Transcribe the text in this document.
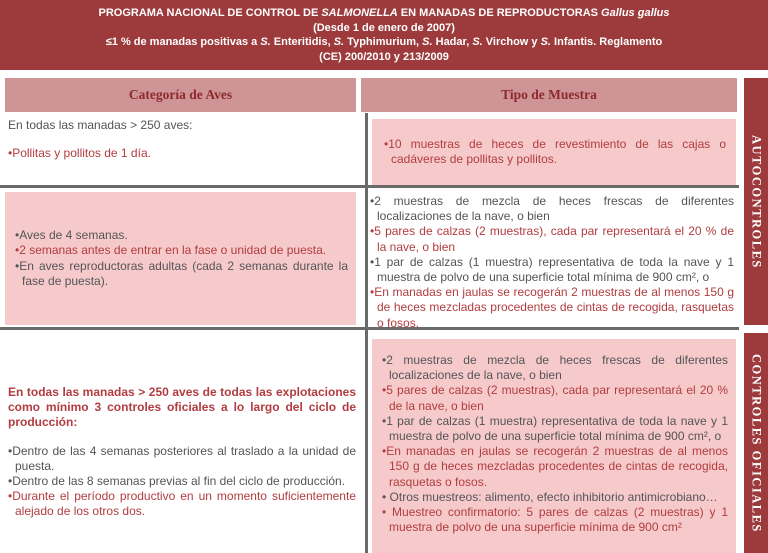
PROGRAMA NACIONAL DE CONTROL DE SALMONELLA EN MANADAS DE REPRODUCTORAS Gallus gallus
(Desde 1 de enero de 2007)
≤1 % de manadas positivas a S. Enteritidis, S. Typhimurium, S. Hadar, S. Virchow y S. Infantis. Reglamento
(CE) 200/2010 y 213/2009
Categoría de Aves	Tipo de Muestra
AUTOCONTROLES
CONTROLES OFICIALES
En todas las manadas > 250 aves:
•Pollitas y pollitos de 1 día.
•10 muestras de heces de revestimiento de las cajas o cadáveres de pollitas y pollitos.
•Aves de 4 semanas.
•2 semanas antes de entrar en la fase o unidad de puesta.
•En aves reproductoras adultas (cada 2 semanas durante la fase de puesta).
•2 muestras de mezcla de heces frescas de diferentes localizaciones de la nave, o bien
•5 pares de calzas (2 muestras), cada par representará el 20 % de la nave, o bien
•1 par de calzas (1 muestra) representativa de toda la nave y 1 muestra de polvo de una superficie total mínima de 900 cm², o
•En manadas en jaulas se recogerán 2 muestras de al menos 150 g de heces mezcladas procedentes de cintas de recogida, rasquetas o fosos.
En todas las manadas > 250 aves de todas las explotaciones como mínimo 3 controles oficiales a lo largo del ciclo de producción:
•Dentro de las 4 semanas posteriores al traslado a la unidad de puesta.
•Dentro de las 8 semanas previas al fin del ciclo de producción.
•Durante el período productivo en un momento suficientemente alejado de los otros dos.
•2 muestras de mezcla de heces frescas de diferentes localizaciones de la nave, o bien
•5 pares de calzas (2 muestras), cada par representará el 20 % de la nave, o bien
•1 par de calzas (1 muestra) representativa de toda la nave y 1 muestra de polvo de una superficie total mínima de 900 cm², o
•En manadas en jaulas se recogerán 2 muestras de al menos 150 g de heces mezcladas procedentes de cintas de recogida, rasquetas o fosos.
• Otros muestreos: alimento, efecto inhibitorio antimicrobiano…
• Muestreo confirmatorio: 5 pares de calzas (2 muestras) y 1 muestra de polvo de una superficie mínima de 900 cm²
